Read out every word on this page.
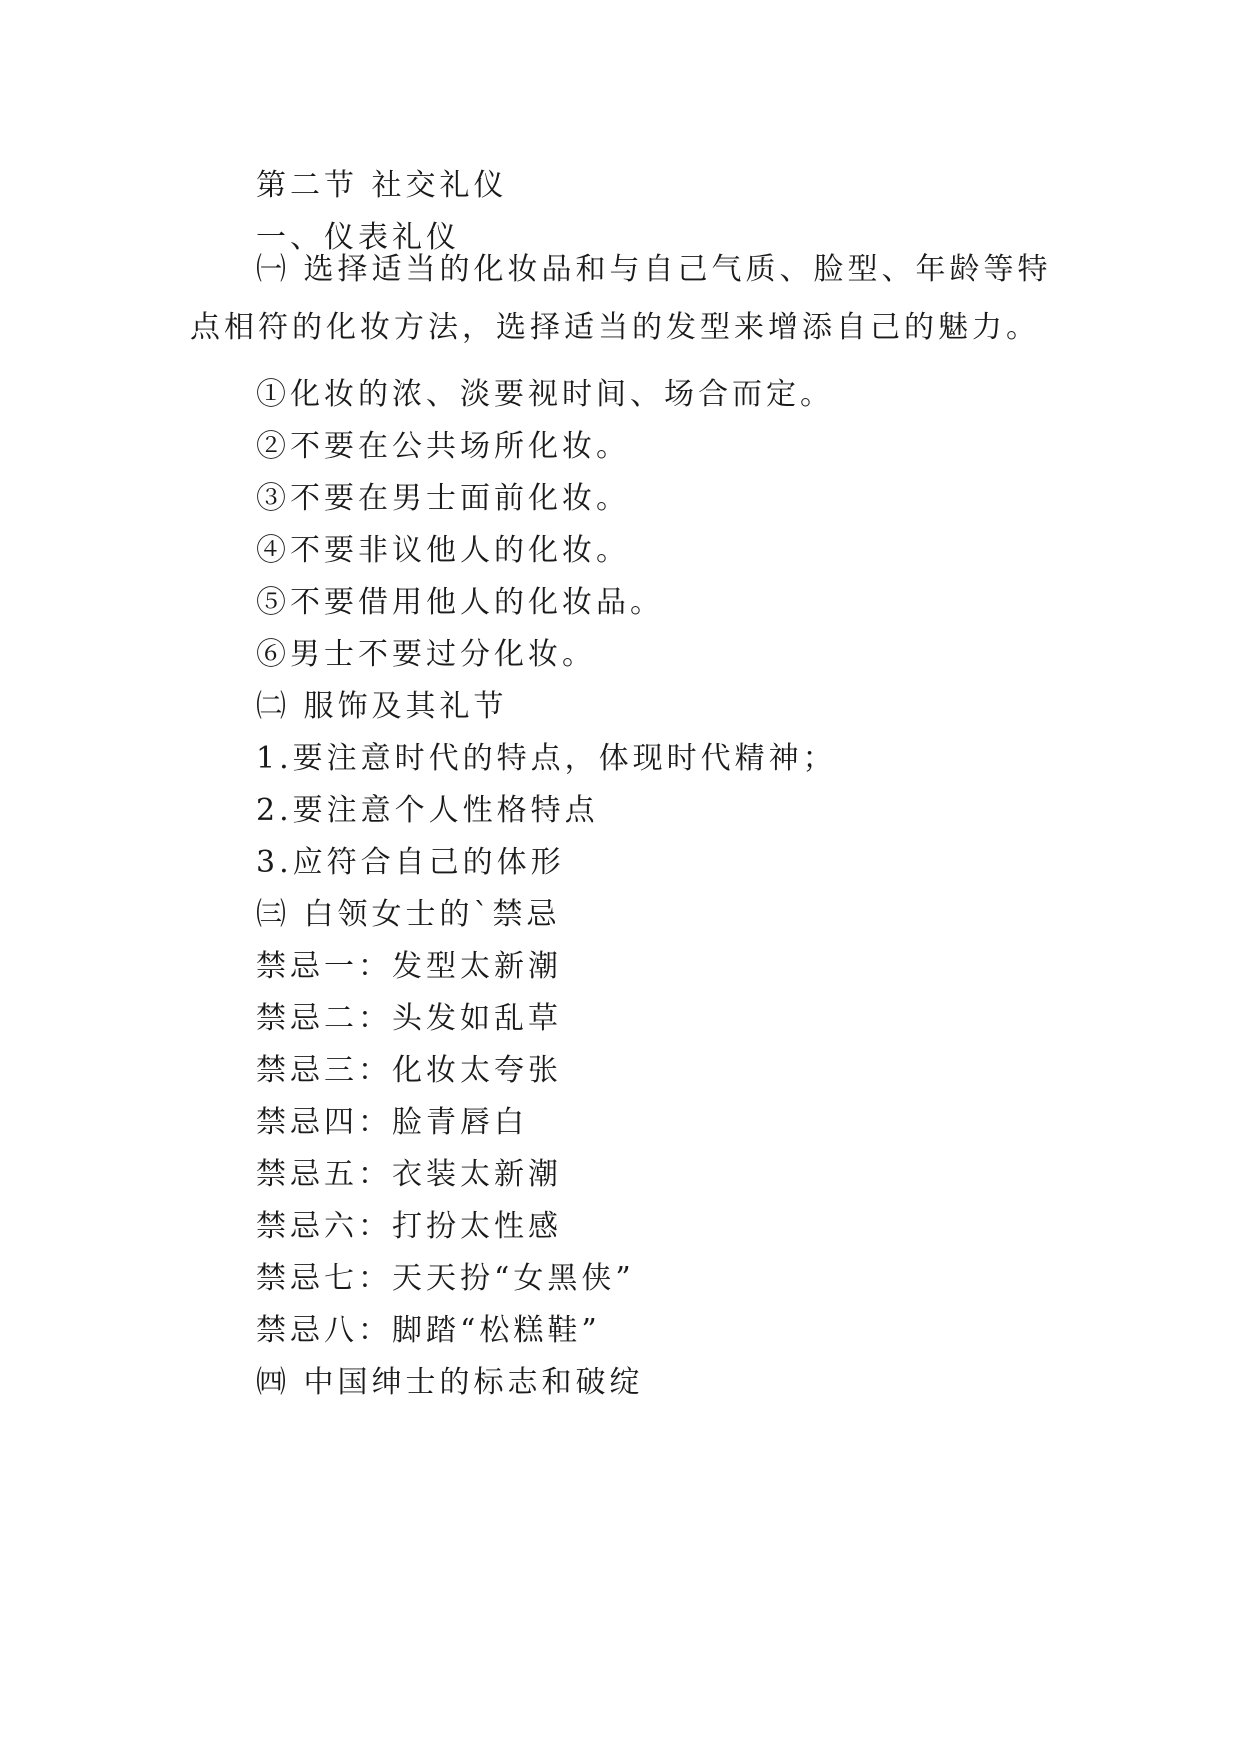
第二节 社交礼仪
一、仪表礼仪
㈠ 选择适当的化妆品和与自己气质、脸型、年龄等特点相符的化妆方法，选择适当的发型来增添自己的魅力。
①化妆的浓、淡要视时间、场合而定。
②不要在公共场所化妆。
③不要在男士面前化妆。
④不要非议他人的化妆。
⑤不要借用他人的化妆品。
⑥男士不要过分化妆。
㈡ 服饰及其礼节
1.要注意时代的特点，体现时代精神；
2.要注意个人性格特点
3.应符合自己的体形
㈢ 白领女士的`禁忌
禁忌一：发型太新潮
禁忌二：头发如乱草
禁忌三：化妆太夸张
禁忌四：脸青唇白
禁忌五：衣装太新潮
禁忌六：打扮太性感
禁忌七：天天扮“女黑侠”
禁忌八：脚踏“松糕鞋”
㈣ 中国绅士的标志和破绽
